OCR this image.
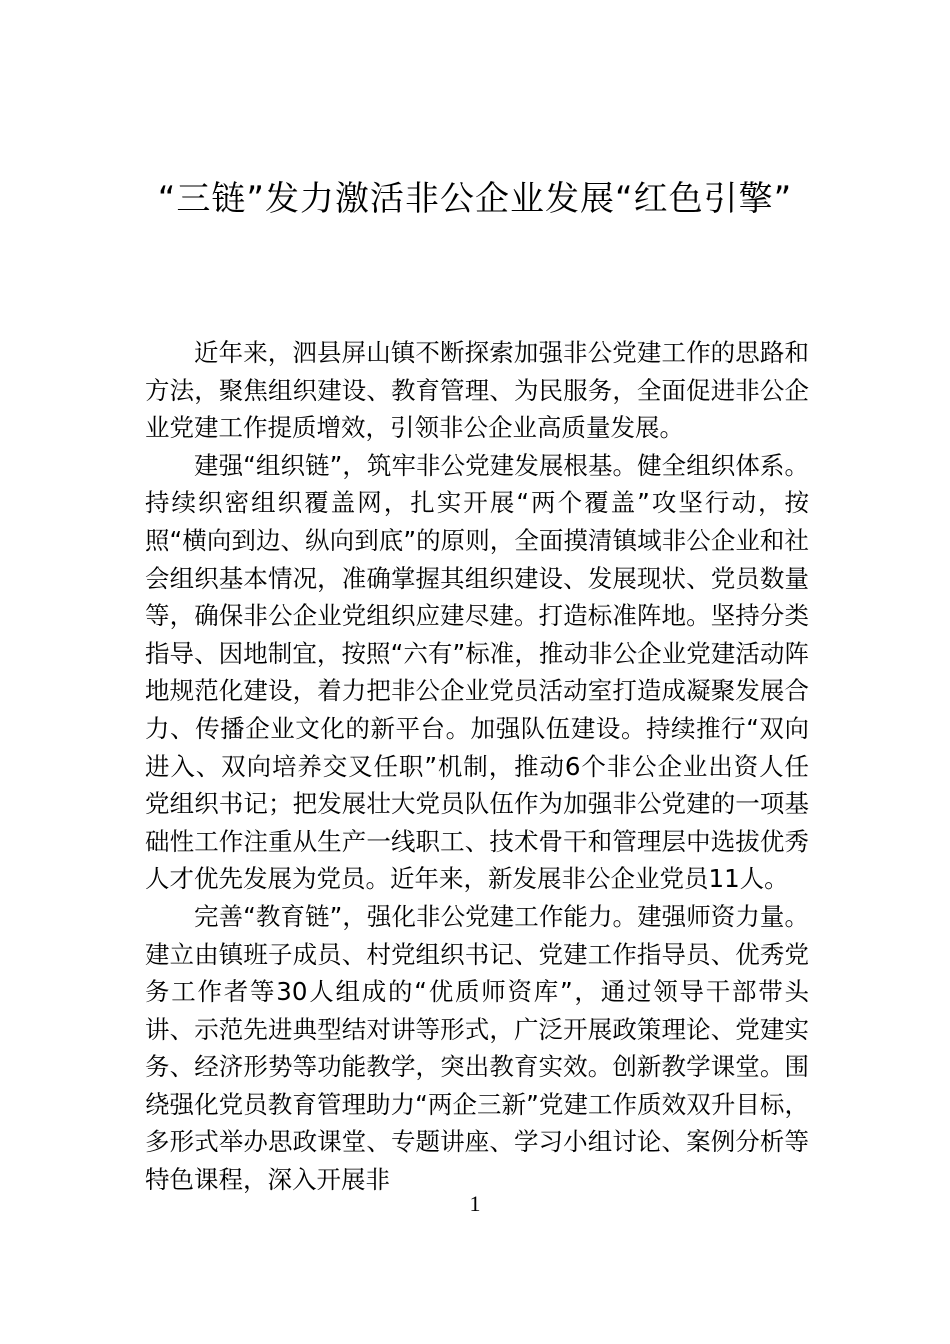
“三链”发力激活非公企业发展“红色引擎”

近年来，泗县屏山镇不断探索加强非公党建工作的思路和方法，聚焦组织建设、教育管理、为民服务，全面促进非公企业党建工作提质增效，引领非公企业高质量发展。

建强“组织链”，筑牢非公党建发展根基。健全组织体系。持续织密组织覆盖网，扎实开展“两个覆盖”攻坚行动，按照“横向到边、纵向到底”的原则，全面摸清镇域非公企业和社会组织基本情况，准确掌握其组织建设、发展现状、党员数量等，确保非公企业党组织应建尽建。打造标准阵地。坚持分类指导、因地制宜，按照“六有”标准，推动非公企业党建活动阵地规范化建设，着力把非公企业党员活动室打造成凝聚发展合力、传播企业文化的新平台。加强队伍建设。持续推行“双向进入、双向培养交叉任职”机制，推动6个非公企业出资人任党组织书记；把发展壮大党员队伍作为加强非公党建的一项基础性工作注重从生产一线职工、技术骨干和管理层中选拔优秀人才优先发展为党员。近年来，新发展非公企业党员11人。

完善“教育链”，强化非公党建工作能力。建强师资力量。建立由镇班子成员、村党组织书记、党建工作指导员、优秀党务工作者等30人组成的“优质师资库”，通过领导干部带头讲、示范先进典型结对讲等形式，广泛开展政策理论、党建实务、经济形势等功能教学，突出教育实效。创新教学课堂。围绕强化党员教育管理助力“两企三新”党建工作质效双升目标，多形式举办思政课堂、专题讲座、学习小组讨论、案例分析等特色课程，深入开展非

1
